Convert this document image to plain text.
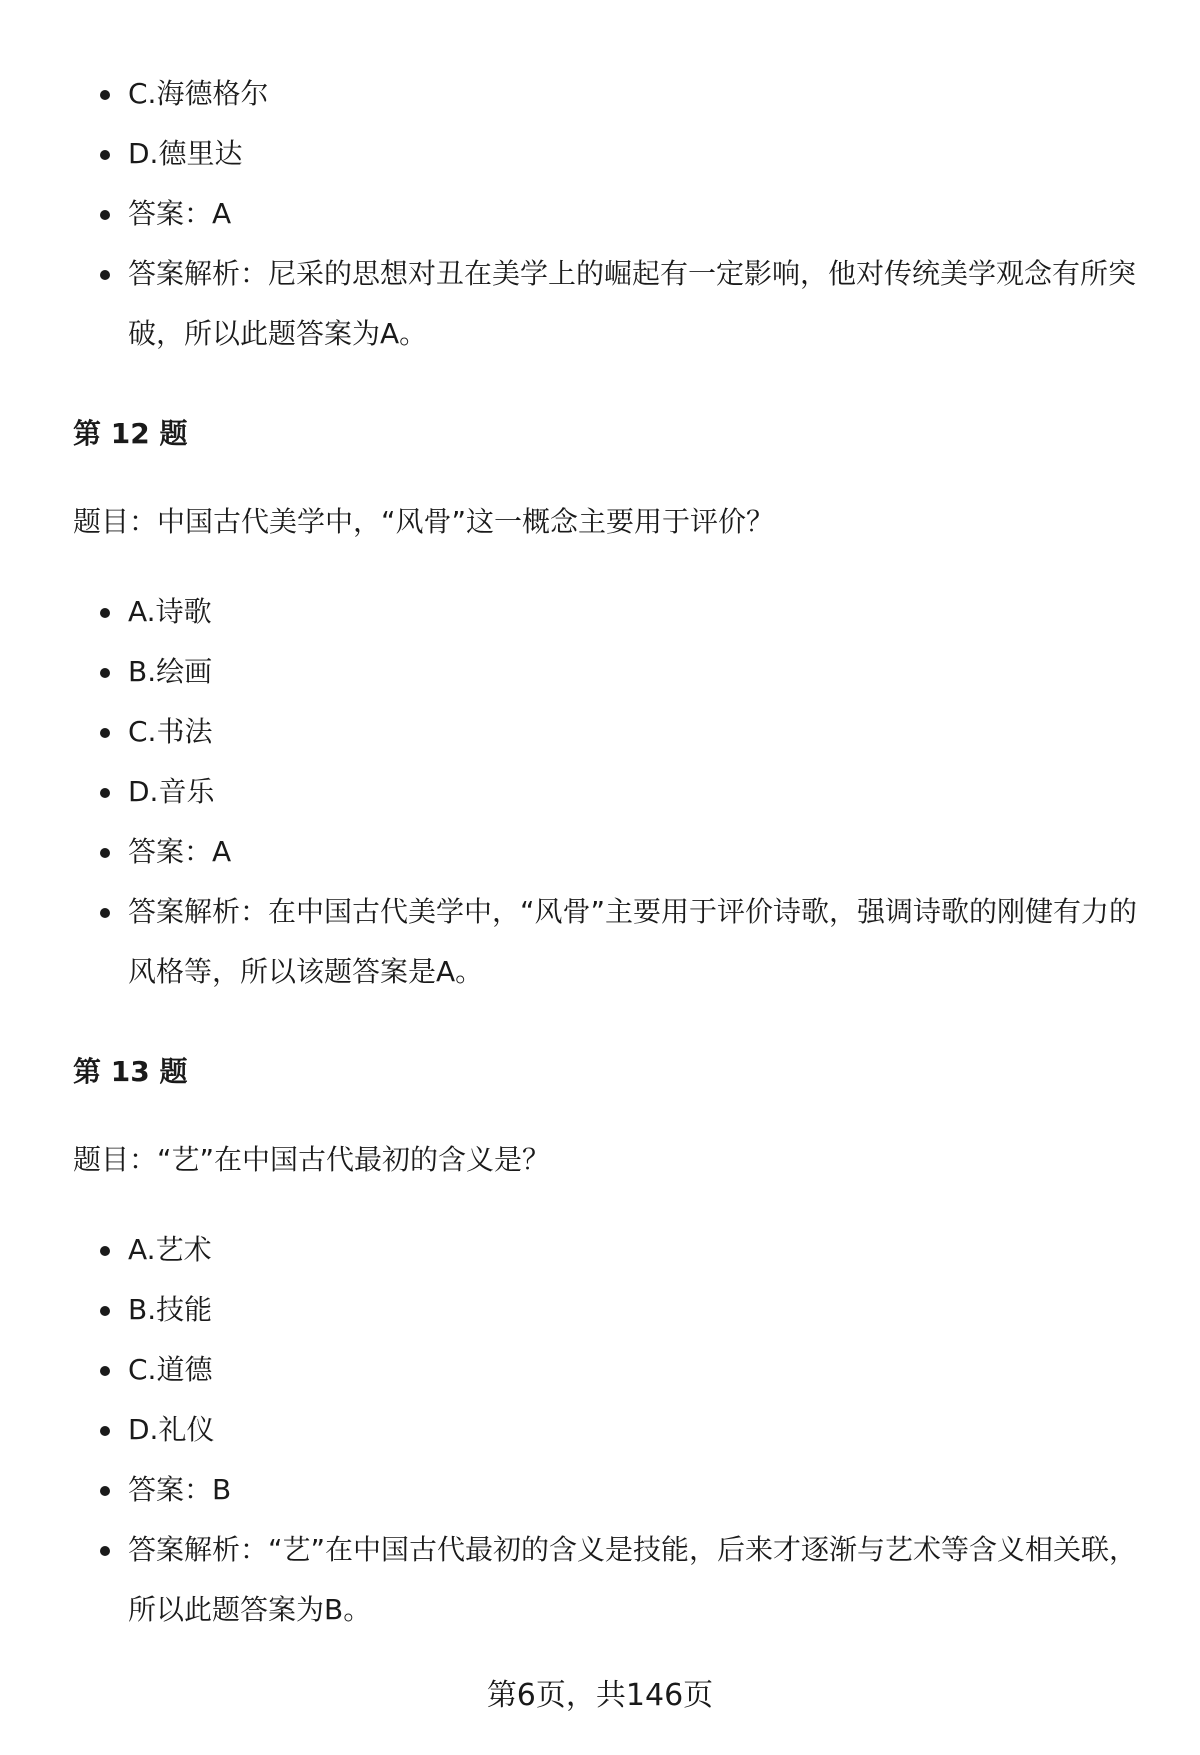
C.海德格尔
D.德里达
答案：A
答案解析：尼采的思想对丑在美学上的崛起有一定影响，他对传统美学观念有所突破，所以此题答案为A。
第 12 题
题目：中国古代美学中，“风骨”这一概念主要用于评价？
A.诗歌
B.绘画
C.书法
D.音乐
答案：A
答案解析：在中国古代美学中，“风骨”主要用于评价诗歌，强调诗歌的刚健有力的风格等，所以该题答案是A。
第 13 题
题目：“艺”在中国古代最初的含义是？
A.艺术
B.技能
C.道德
D.礼仪
答案：B
答案解析：“艺”在中国古代最初的含义是技能，后来才逐渐与艺术等含义相关联，所以此题答案为B。
第6页，共146页
